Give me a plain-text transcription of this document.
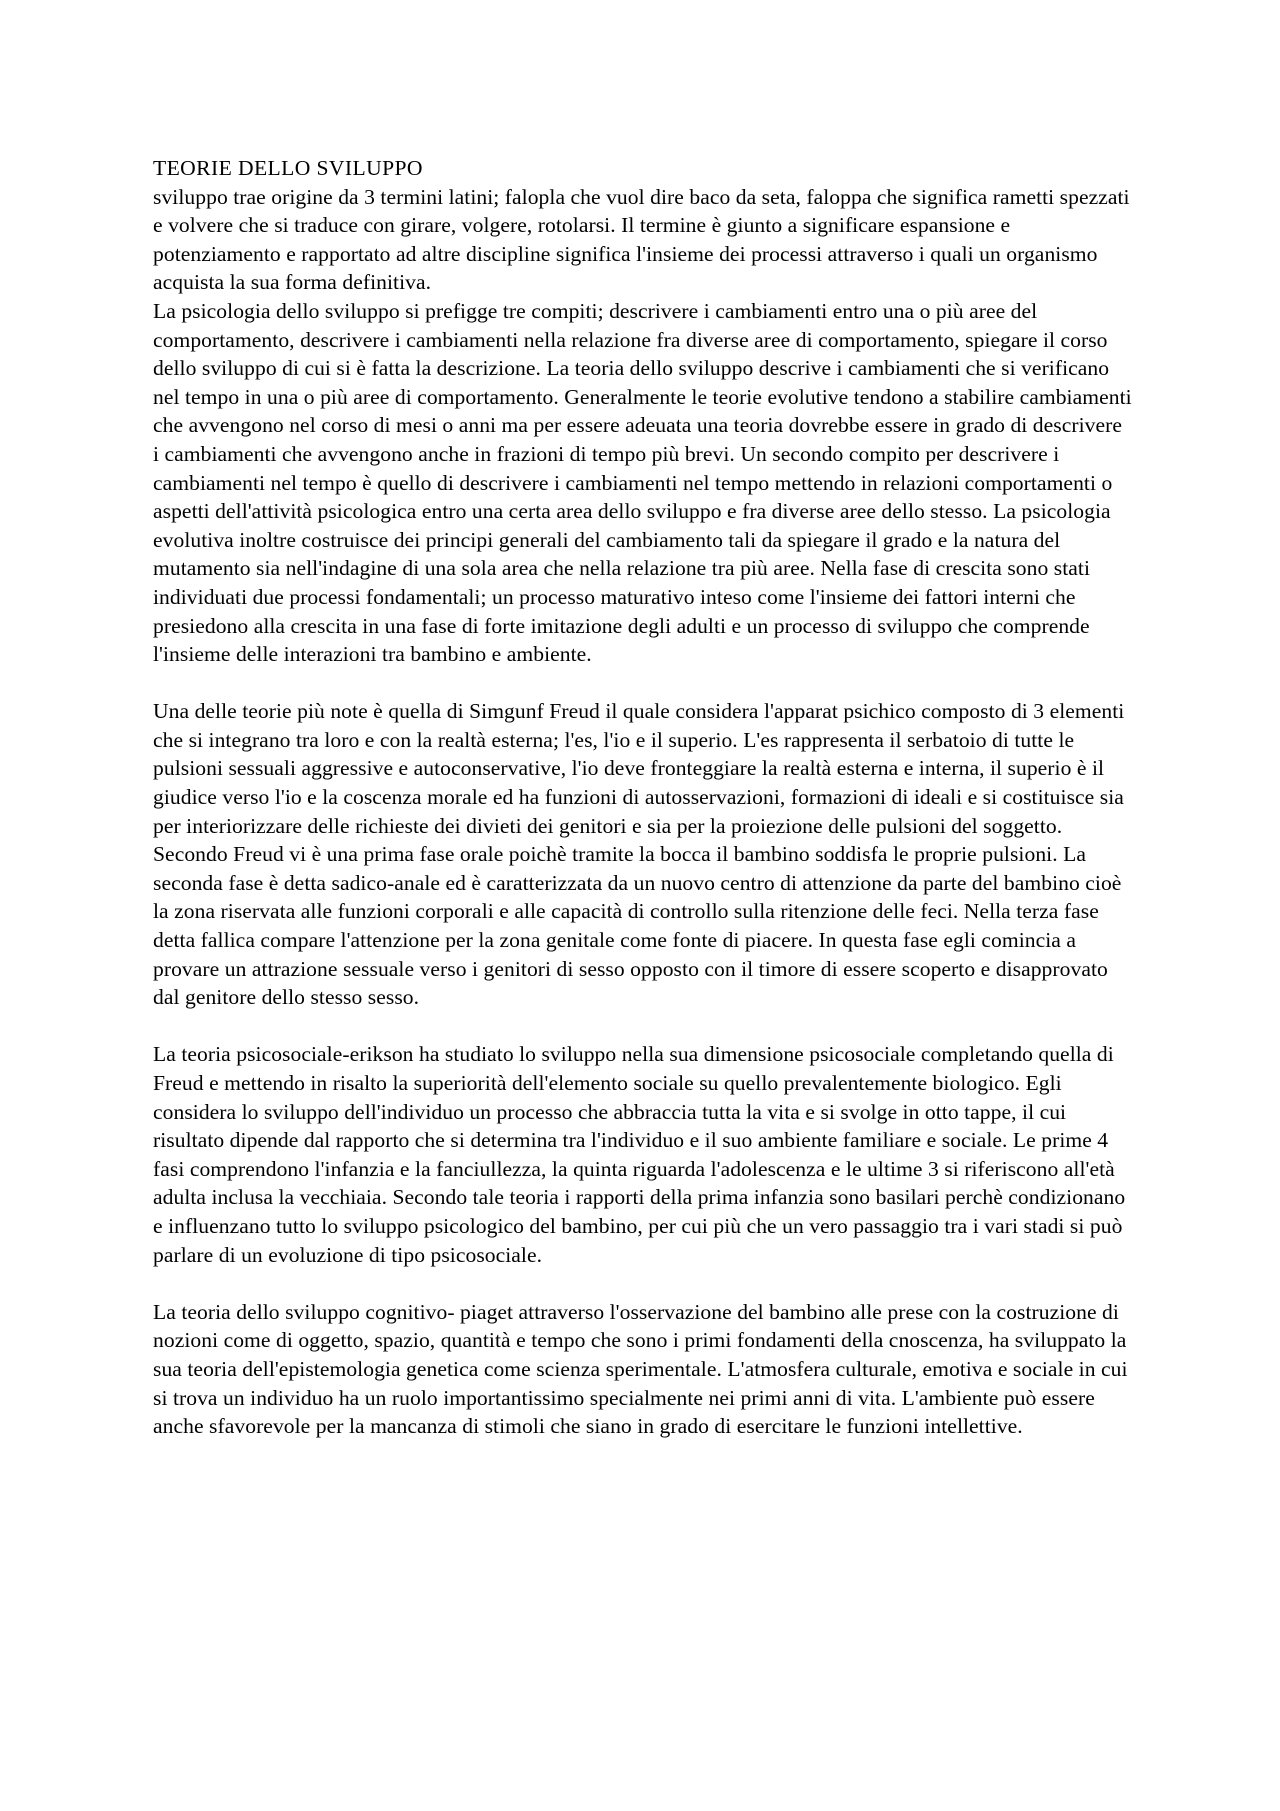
TEORIE DELLO SVILUPPO

sviluppo trae origine da 3 termini latini; falopla che vuol dire baco da seta, faloppa che significa rametti spezzati e volvere che si traduce con girare, volgere, rotolarsi. Il termine è giunto a significare espansione e potenziamento e rapportato ad altre discipline significa l'insieme dei processi attraverso i quali un organismo acquista la sua forma definitiva.

La psicologia dello sviluppo si prefigge tre compiti; descrivere i cambiamenti entro una o più aree del comportamento, descrivere i cambiamenti nella relazione fra diverse aree di comportamento, spiegare il corso dello sviluppo di cui si è fatta la descrizione. La teoria dello sviluppo descrive i cambiamenti che si verificano nel tempo in una o più aree di comportamento. Generalmente le teorie evolutive tendono a stabilire cambiamenti che avvengono nel corso di mesi o anni ma per essere adeuata una teoria dovrebbe essere in grado di descrivere i cambiamenti che avvengono anche in frazioni di tempo più brevi. Un secondo compito per descrivere i cambiamenti nel tempo è quello di descrivere i cambiamenti nel tempo mettendo in relazioni comportamenti o aspetti dell'attività psicologica entro una certa area dello sviluppo e fra diverse aree dello stesso. La psicologia evolutiva inoltre costruisce dei principi generali del cambiamento tali da spiegare il grado e la natura del mutamento sia nell'indagine di una sola area che nella relazione tra più aree. Nella fase di crescita sono stati individuati due processi fondamentali; un processo maturativo inteso come l'insieme dei fattori interni che presiedono alla crescita in una fase di forte imitazione degli adulti e un processo di sviluppo che comprende l'insieme delle interazioni tra bambino e ambiente.

Una delle teorie più note è quella di Simgunf Freud il quale considera l'apparat psichico composto di 3 elementi che si integrano tra loro e con la realtà esterna; l'es, l'io e il superio. L'es rappresenta il serbatoio di tutte le pulsioni sessuali aggressive e autoconservative, l'io deve fronteggiare la realtà esterna e interna, il superio è il giudice verso l'io e la coscenza morale ed ha funzioni di autosservazioni, formazioni di ideali e si costituisce sia per interiorizzare delle richieste dei divieti dei genitori e sia per la proiezione delle pulsioni del soggetto. Secondo Freud vi è una prima fase orale poichè tramite la bocca il bambino soddisfa le proprie pulsioni. La seconda fase è detta sadico-anale ed è caratterizzata da un nuovo centro di attenzione da parte del bambino cioè la zona riservata alle funzioni corporali e alle capacità di controllo sulla ritenzione delle feci. Nella terza fase detta fallica compare l'attenzione per la zona genitale come fonte di piacere. In questa fase egli comincia a provare un attrazione sessuale verso i genitori di sesso opposto con il timore di essere scoperto e disapprovato dal genitore dello stesso sesso.

La teoria psicosociale-erikson ha studiato lo sviluppo nella sua dimensione psicosociale completando quella di Freud e mettendo in risalto la superiorità dell'elemento sociale su quello prevalentemente biologico. Egli considera lo sviluppo dell'individuo un processo che abbraccia tutta la vita e si svolge in otto tappe, il cui risultato dipende dal rapporto che si determina tra l'individuo e il suo ambiente familiare e sociale. Le prime 4 fasi comprendono l'infanzia e la fanciullezza, la quinta riguarda l'adolescenza e le ultime 3 si riferiscono all'età adulta inclusa la vecchiaia. Secondo tale teoria i rapporti della prima infanzia sono basilari perchè condizionano e influenzano tutto lo sviluppo psicologico del bambino, per cui più che un vero passaggio tra i vari stadi si può parlare di un evoluzione di tipo psicosociale.

La teoria dello sviluppo cognitivo- piaget attraverso l'osservazione del bambino alle prese con la costruzione di nozioni come di oggetto, spazio, quantità e tempo che sono i primi fondamenti della cnoscenza, ha sviluppato la sua teoria dell'epistemologia genetica come scienza sperimentale. L'atmosfera culturale, emotiva e sociale in cui si trova un individuo ha un ruolo importantissimo specialmente nei primi anni di vita. L'ambiente può essere anche sfavorevole per la mancanza di stimoli che siano in grado di esercitare le funzioni intellettive.
